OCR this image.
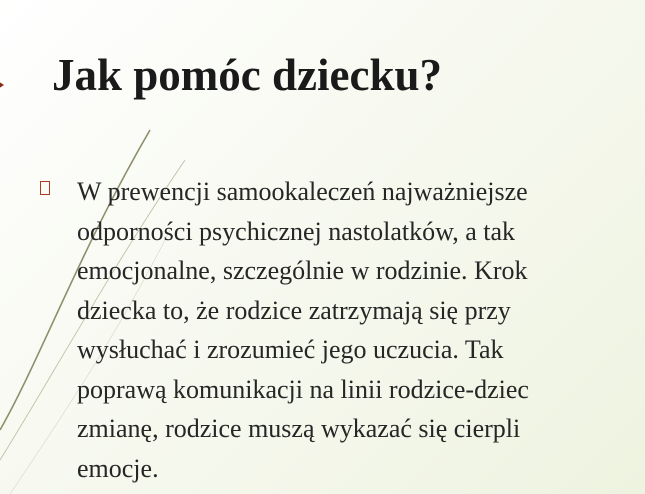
Jak pomóc dziecku?

W prewencji samookaleczeń najważniejsze
odporności psychicznej nastolatków, a tak
emocjonalne, szczególnie w rodzinie. Krok
dziecka to, że rodzice zatrzymają się przy
wysłuchać i zrozumieć jego uczucia. Tak
poprawą komunikacji na linii rodzice-dziec
zmianę, rodzice muszą wykazać się cierpli
emocje.
